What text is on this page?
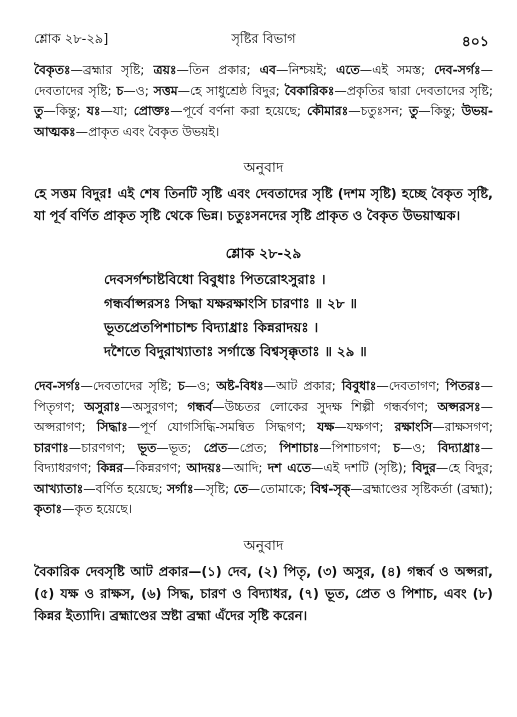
শ্লোক ২৮-২৯]	সৃষ্টির বিভাগ	৪০১

বৈকৃতঃ—ব্রহ্মার সৃষ্টি; ত্রয়ঃ—তিন প্রকার; এব—নিশ্চয়ই; এতে—এই সমস্ত; দেব-সর্গঃ—দেবতাদের সৃষ্টি; চ—ও; সত্তম—হে সাধুশ্রেষ্ঠ বিদুর; বৈকারিকঃ—প্রকৃতির দ্বারা দেবতাদের সৃষ্টি; তু—কিন্তু; যঃ—যা; প্রোক্তঃ—পূর্বে বর্ণনা করা হয়েছে; কৌমারঃ—চতুঃসন; তু—কিন্তু; উভয়-আত্মকঃ—প্রাকৃত এবং বৈকৃত উভয়ই।

অনুবাদ

হে সত্তম বিদুর! এই শেষ তিনটি সৃষ্টি এবং দেবতাদের সৃষ্টি (দশম সৃষ্টি) হচ্ছে বৈকৃত সৃষ্টি, যা পূর্ব বর্ণিত প্রাকৃত সৃষ্টি থেকে ভিন্ন। চতুঃসনদের সৃষ্টি প্রাকৃত ও বৈকৃত উভয়াত্মক।

শ্লোক ২৮-২৯

দেবসর্গশ্চাষ্টবিধো বিবুধাঃ পিতরোঽসুরাঃ ।

গন্ধর্বাপ্সরসঃ সিদ্ধা যক্ষরক্ষাংসি চারণাঃ ॥ ২৮ ॥

ভূতপ্রেতপিশাচাশ্চ বিদ্যাধ্রাঃ কিন্নরাদয়ঃ ।

দশৈতে বিদুরাখ্যাতাঃ সর্গাস্তে বিশ্বসৃক্কৃতাঃ ॥ ২৯ ॥

দেব-সর্গঃ—দেবতাদের সৃষ্টি; চ—ও; অষ্ট-বিধঃ—আট প্রকার; বিবুধাঃ—দেবতাগণ; পিতরঃ—পিতৃগণ; অসুরাঃ—অসুরগণ; গন্ধর্ব—উচ্চতর লোকের সুদক্ষ শিল্পী গন্ধর্বগণ; অপ্সরসঃ—অপ্সরাগণ; সিদ্ধাঃ—পূর্ণ যোগসিদ্ধি-সমন্বিত সিদ্ধগণ; যক্ষ—যক্ষগণ; রক্ষাংসি—রাক্ষসগণ; চারণাঃ—চারণগণ; ভূত—ভূত; প্রেত—প্রেত; পিশাচাঃ—পিশাচগণ; চ—ও; বিদ্যাধ্রাঃ—বিদ্যাধরগণ; কিন্নর—কিন্নরগণ; আদয়ঃ—আদি; দশ এতে—এই দশটি (সৃষ্টি); বিদুর—হে বিদুর; আখ্যাতাঃ—বর্ণিত হয়েছে; সর্গাঃ—সৃষ্টি; তে—তোমাকে; বিশ্ব-সৃক্—ব্রহ্মাণ্ডের সৃষ্টিকর্তা (ব্রহ্মা); কৃতাঃ—কৃত হয়েছে।

অনুবাদ

বৈকারিক দেবসৃষ্টি আট প্রকার—(১) দেব, (২) পিতৃ, (৩) অসুর, (৪) গন্ধর্ব ও অপ্সরা, (৫) যক্ষ ও রাক্ষস, (৬) সিদ্ধ, চারণ ও বিদ্যাধর, (৭) ভূত, প্রেত ও পিশাচ, এবং (৮) কিন্নর ইত্যাদি। ব্রহ্মাণ্ডের স্রষ্টা ব্রহ্মা এঁদের সৃষ্টি করেন।
